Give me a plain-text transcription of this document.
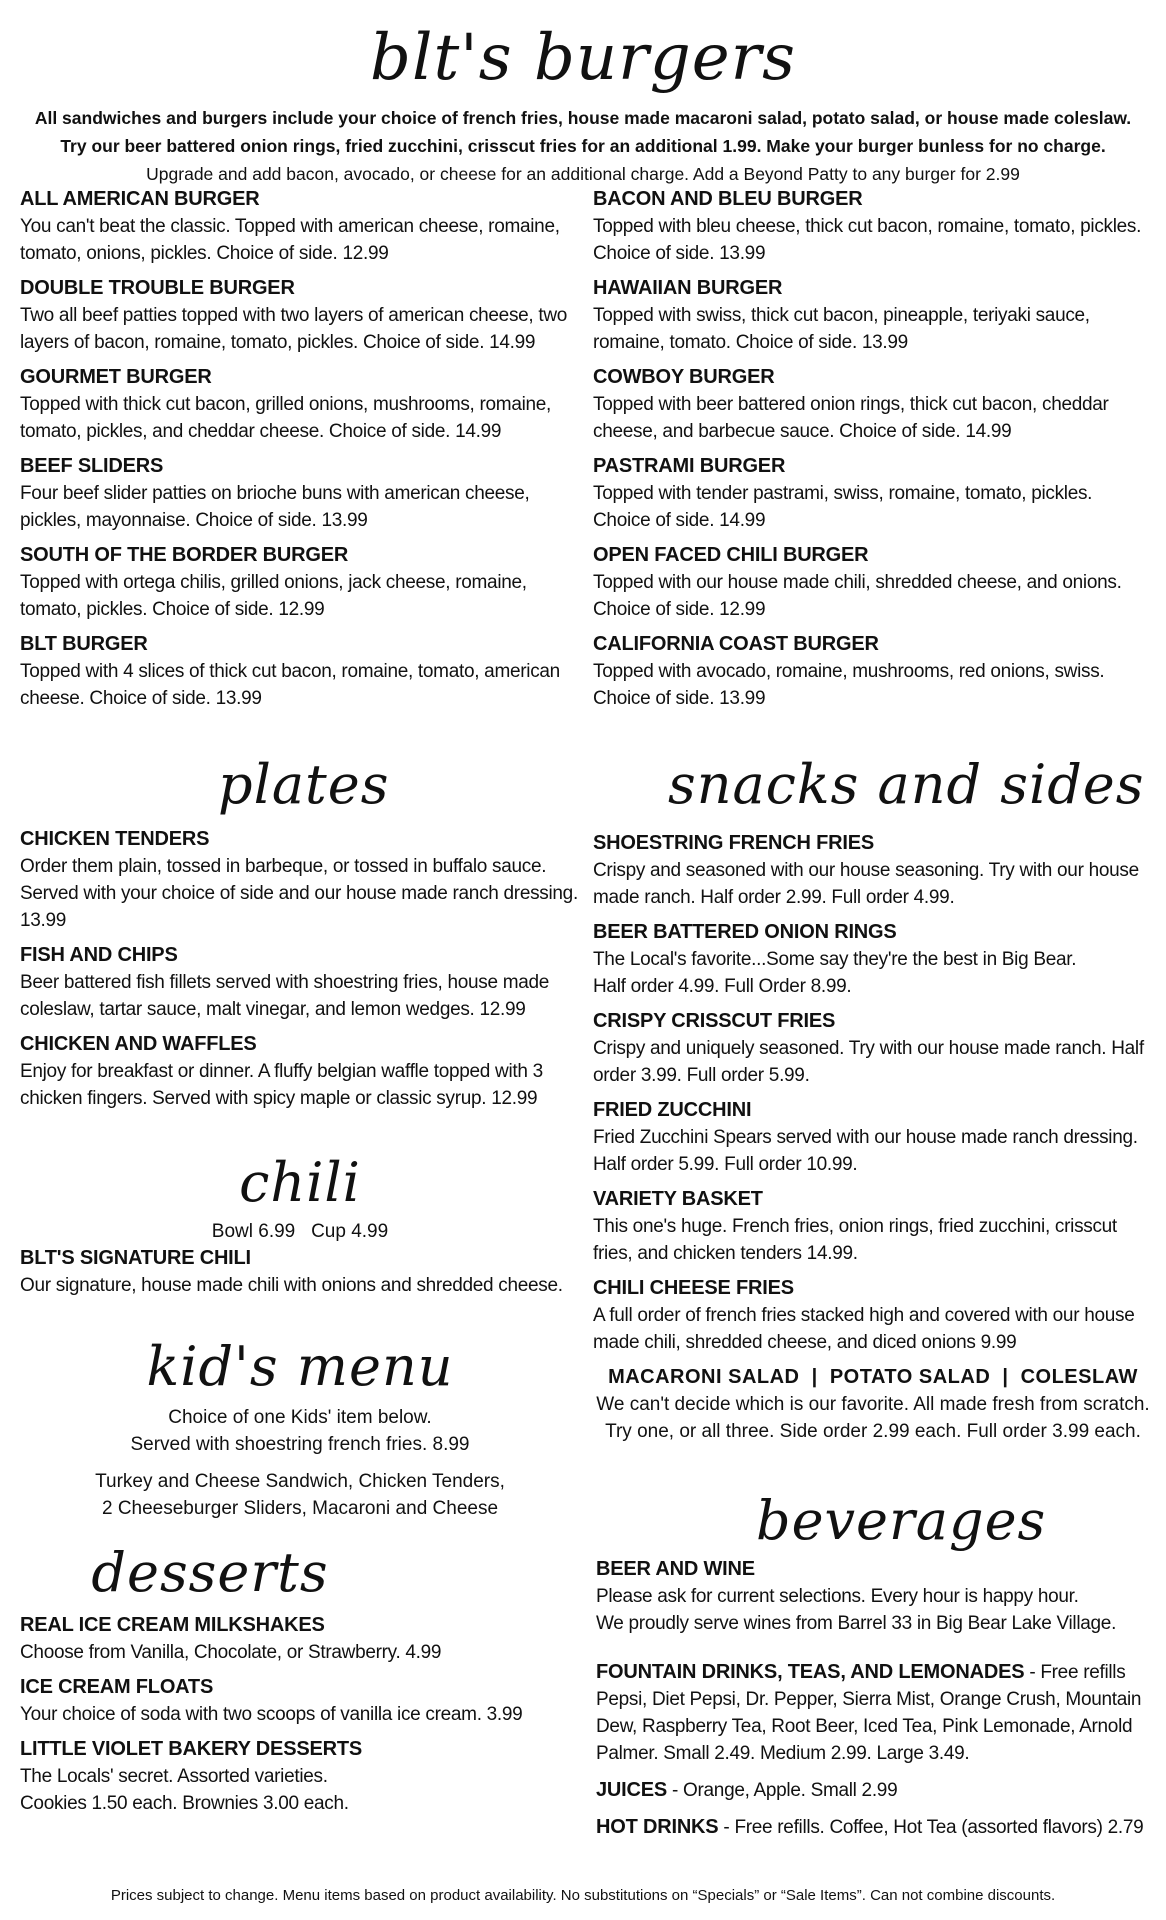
blt's burgers
All sandwiches and burgers include your choice of french fries, house made macaroni salad, potato salad, or house made coleslaw.
Try our beer battered onion rings, fried zucchini, crisscut fries for an additional 1.99. Make your burger bunless for no charge.
Upgrade and add bacon, avocado, or cheese for an additional charge. Add a Beyond Patty to any burger for 2.99
ALL AMERICAN BURGER
You can't beat the classic. Topped with american cheese, romaine, tomato, onions, pickles. Choice of side. 12.99
DOUBLE TROUBLE BURGER
Two all beef patties topped with two layers of american cheese, two layers of bacon, romaine, tomato, pickles. Choice of side. 14.99
GOURMET BURGER
Topped with thick cut bacon, grilled onions, mushrooms, romaine, tomato, pickles, and cheddar cheese. Choice of side. 14.99
BEEF SLIDERS
Four beef slider patties on brioche buns with american cheese, pickles, mayonnaise. Choice of side. 13.99
SOUTH OF THE BORDER BURGER
Topped with ortega chilis, grilled onions, jack cheese, romaine, tomato, pickles. Choice of side. 12.99
BLT BURGER
Topped with 4 slices of thick cut bacon, romaine, tomato, american cheese. Choice of side. 13.99
BACON AND BLEU BURGER
Topped with bleu cheese, thick cut bacon, romaine, tomato, pickles. Choice of side. 13.99
HAWAIIAN BURGER
Topped with swiss, thick cut bacon, pineapple, teriyaki sauce, romaine, tomato. Choice of side. 13.99
COWBOY BURGER
Topped with beer battered onion rings, thick cut bacon, cheddar cheese, and barbecue sauce. Choice of side. 14.99
PASTRAMI BURGER
Topped with tender pastrami, swiss, romaine, tomato, pickles. Choice of side. 14.99
OPEN FACED CHILI BURGER
Topped with our house made chili, shredded cheese, and onions. Choice of side. 12.99
CALIFORNIA COAST BURGER
Topped with avocado, romaine, mushrooms, red onions, swiss. Choice of side. 13.99
plates
CHICKEN TENDERS
Order them plain, tossed in barbeque, or tossed in buffalo sauce. Served with your choice of side and our house made ranch dressing. 13.99
FISH AND CHIPS
Beer battered fish fillets served with shoestring fries, house made coleslaw, tartar sauce, malt vinegar, and lemon wedges. 12.99
CHICKEN AND WAFFLES
Enjoy for breakfast or dinner. A fluffy belgian waffle topped with 3 chicken fingers. Served with spicy maple or classic syrup. 12.99
chili
Bowl 6.99   Cup 4.99
BLT'S SIGNATURE CHILI
Our signature, house made chili with onions and shredded cheese.
kid's menu
Choice of one Kids' item below.
Served with shoestring french fries. 8.99
Turkey and Cheese Sandwich, Chicken Tenders,
2 Cheeseburger Sliders, Macaroni and Cheese
desserts
REAL ICE CREAM MILKSHAKES
Choose from Vanilla, Chocolate, or Strawberry. 4.99
ICE CREAM FLOATS
Your choice of soda with two scoops of vanilla ice cream. 3.99
LITTLE VIOLET BAKERY DESSERTS
The Locals' secret. Assorted varieties. Cookies 1.50 each. Brownies 3.00 each.
snacks and sides
SHOESTRING FRENCH FRIES
Crispy and seasoned with our house seasoning. Try with our house made ranch. Half order 2.99. Full order 4.99.
BEER BATTERED ONION RINGS
The Local's favorite...Some say they're the best in Big Bear. Half order 4.99. Full Order 8.99.
CRISPY CRISSCUT FRIES
Crispy and uniquely seasoned. Try with our house made ranch. Half order 3.99. Full order 5.99.
FRIED ZUCCHINI
Fried Zucchini Spears served with our house made ranch dressing. Half order 5.99. Full order 10.99.
VARIETY BASKET
This one's huge. French fries, onion rings, fried zucchini, crisscut fries, and chicken tenders 14.99.
CHILI CHEESE FRIES
A full order of french fries stacked high and covered with our house made chili, shredded cheese, and diced onions 9.99
MACARONI SALAD  |  POTATO SALAD  |  COLESLAW
We can't decide which is our favorite. All made fresh from scratch.
Try one, or all three. Side order 2.99 each. Full order 3.99 each.
beverages
BEER AND WINE
Please ask for current selections. Every hour is happy hour.
We proudly serve wines from Barrel 33 in Big Bear Lake Village.
FOUNTAIN DRINKS, TEAS, AND LEMONADES - Free refills
Pepsi, Diet Pepsi, Dr. Pepper, Sierra Mist, Orange Crush, Mountain Dew, Raspberry Tea, Root Beer, Iced Tea, Pink Lemonade, Arnold Palmer. Small 2.49. Medium 2.99. Large 3.49.
JUICES - Orange, Apple. Small 2.99
HOT DRINKS - Free refills. Coffee, Hot Tea (assorted flavors) 2.79
Prices subject to change. Menu items based on product availability. No substitutions on “Specials” or “Sale Items”. Can not combine discounts.
